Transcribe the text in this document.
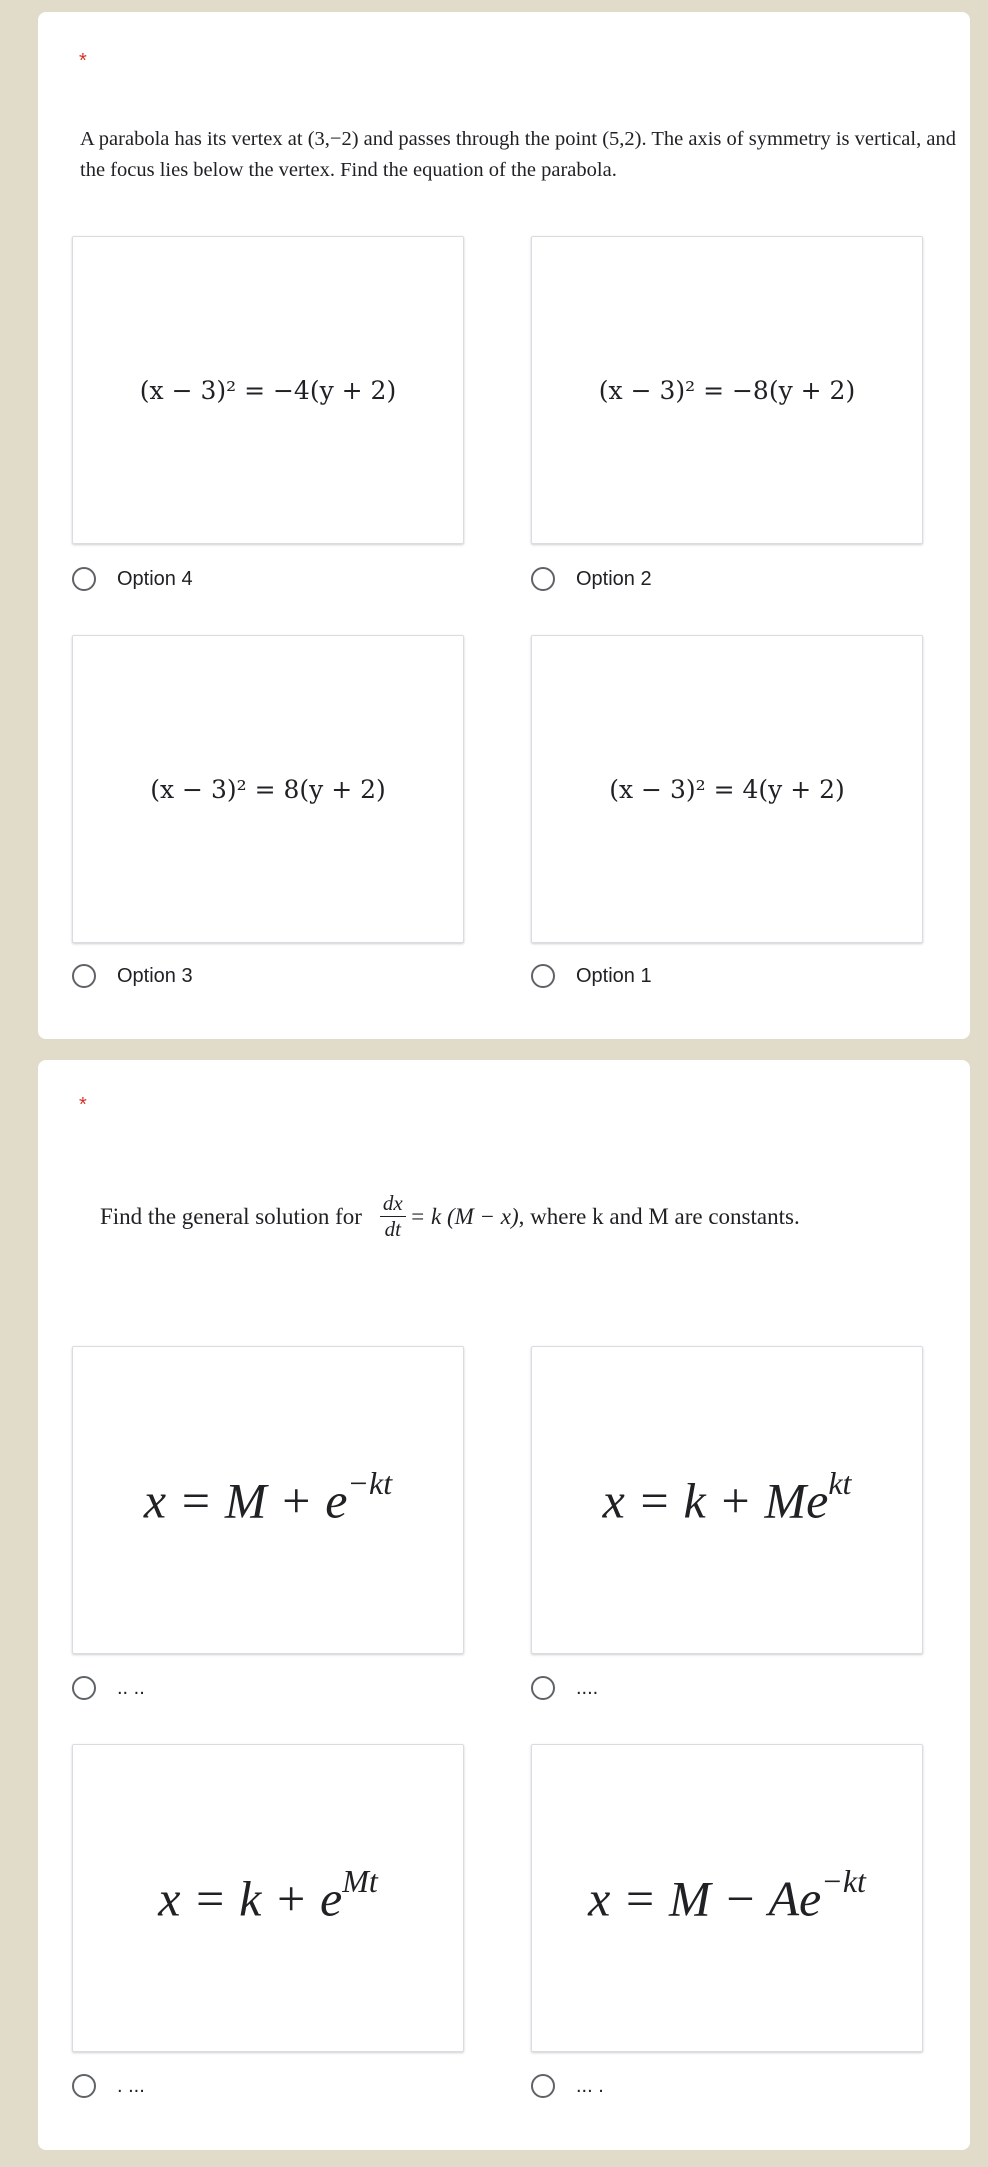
*
A parabola has its vertex at (3,−2) and passes through the point (5,2). The axis of symmetry is vertical, and the focus lies below the vertex. Find the equation of the parabola.
(x − 3)² = −4(y + 2)	(x − 3)² = −8(y + 2)
Option 4	Option 2
(x − 3)² = 8(y + 2)	(x − 3)² = 4(y + 2)
Option 3	Option 1
*
Find the general solution for $\frac{dx}{dt} = k$ (M − x) , where k and M are constants.
$x = M + e^{-kt}$	$x = k + Me^{kt}$
.. ..	....
$x = k + e^{Mt}$	$x = M - Ae^{-kt}$
. ...	... .
